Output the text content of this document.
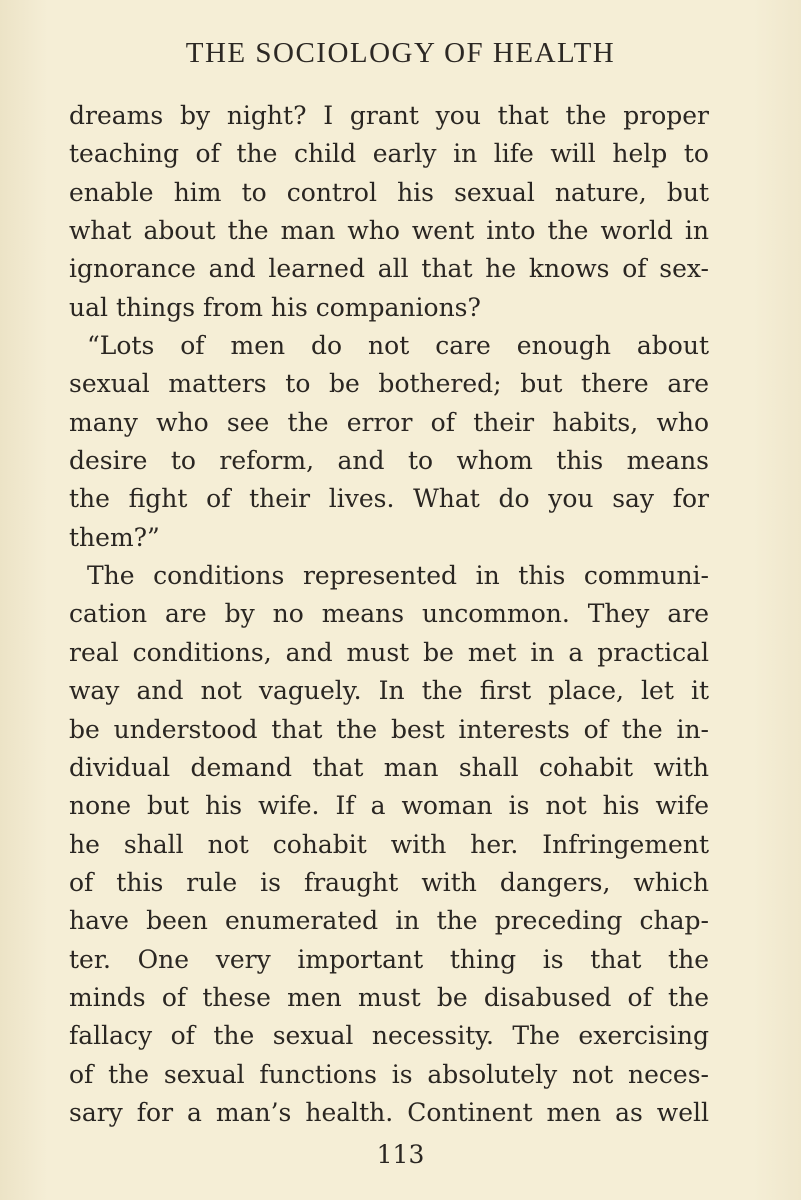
THE SOCIOLOGY OF HEALTH
dreams by night? I grant you that the proper
teaching of the child early in life will help to
enable him to control his sexual nature, but
what about the man who went into the world in
ignorance and learned all that he knows of sex-
ual things from his companions?
“Lots of men do not care enough about
sexual matters to be bothered; but there are
many who see the error of their habits, who
desire to reform, and to whom this means
the fight of their lives. What do you say for
them?”
The conditions represented in this communi-
cation are by no means uncommon. They are
real conditions, and must be met in a practical
way and not vaguely. In the first place, let it
be understood that the best interests of the in-
dividual demand that man shall cohabit with
none but his wife. If a woman is not his wife
he shall not cohabit with her. Infringement
of this rule is fraught with dangers, which
have been enumerated in the preceding chap-
ter. One very important thing is that the
minds of these men must be disabused of the
fallacy of the sexual necessity. The exercising
of the sexual functions is absolutely not neces-
sary for a man’s health. Continent men as well
113
